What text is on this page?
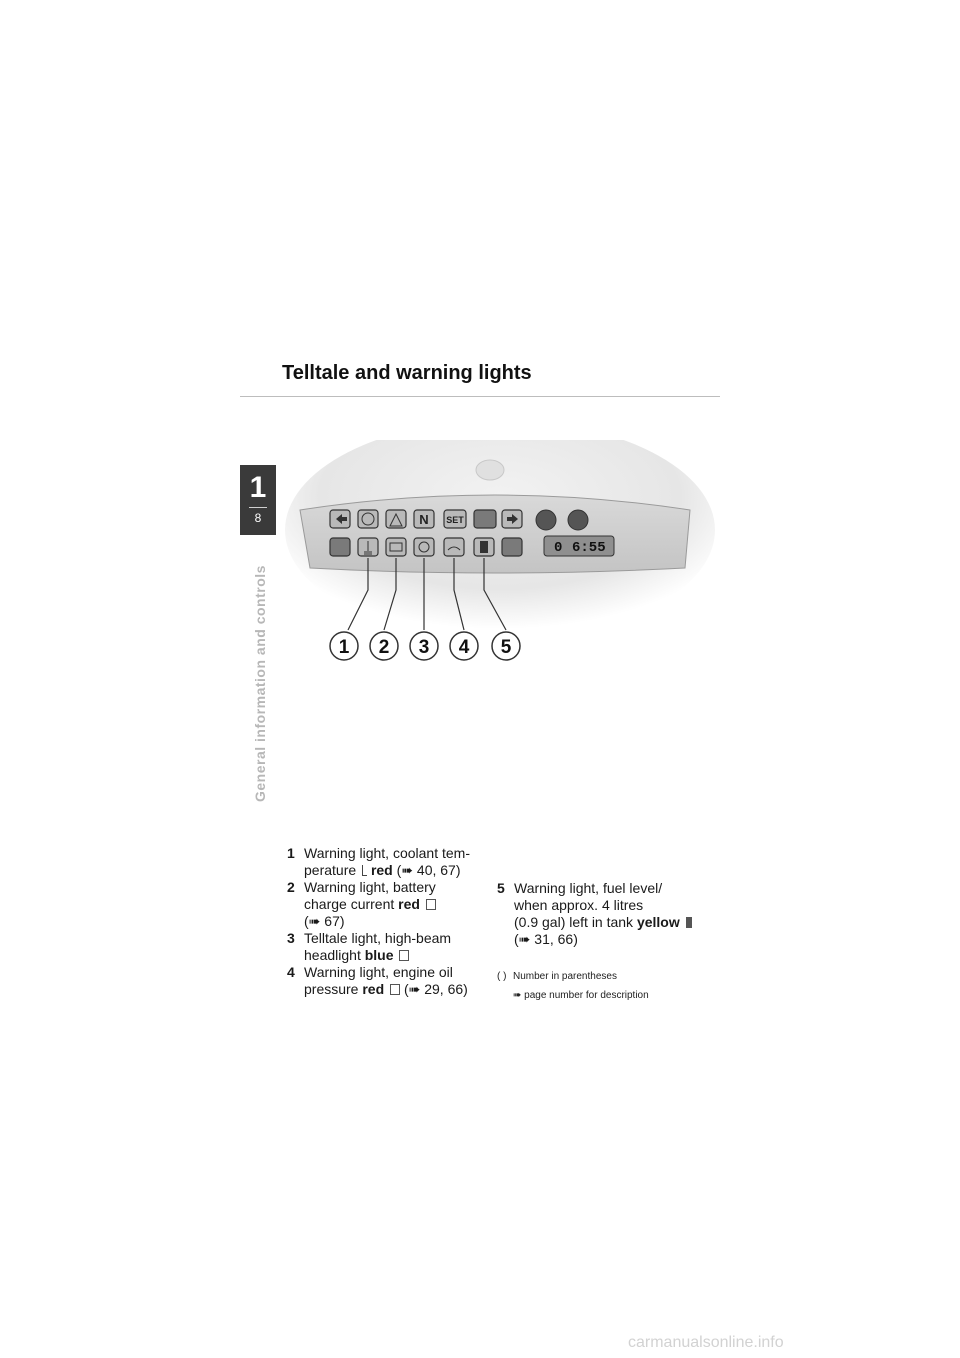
Telltale and warning lights
1
8
General information and controls
N SET
0 6:55
1 2 3 4 5
1 Warning light, coolant tem-
perature red (➠ 40, 67)
2 Warning light, battery
charge current red
(➠ 67)
3 Telltale light, high-beam
headlight blue
4 Warning light, engine oil
pressure red (➠ 29, 66)
5 Warning light, fuel level/
when approx. 4 litres
(0.9 gal) left in tank yellow
(➠ 31, 66)
( ) Number in parentheses
➠ page number for description
carmanualsonline.info
